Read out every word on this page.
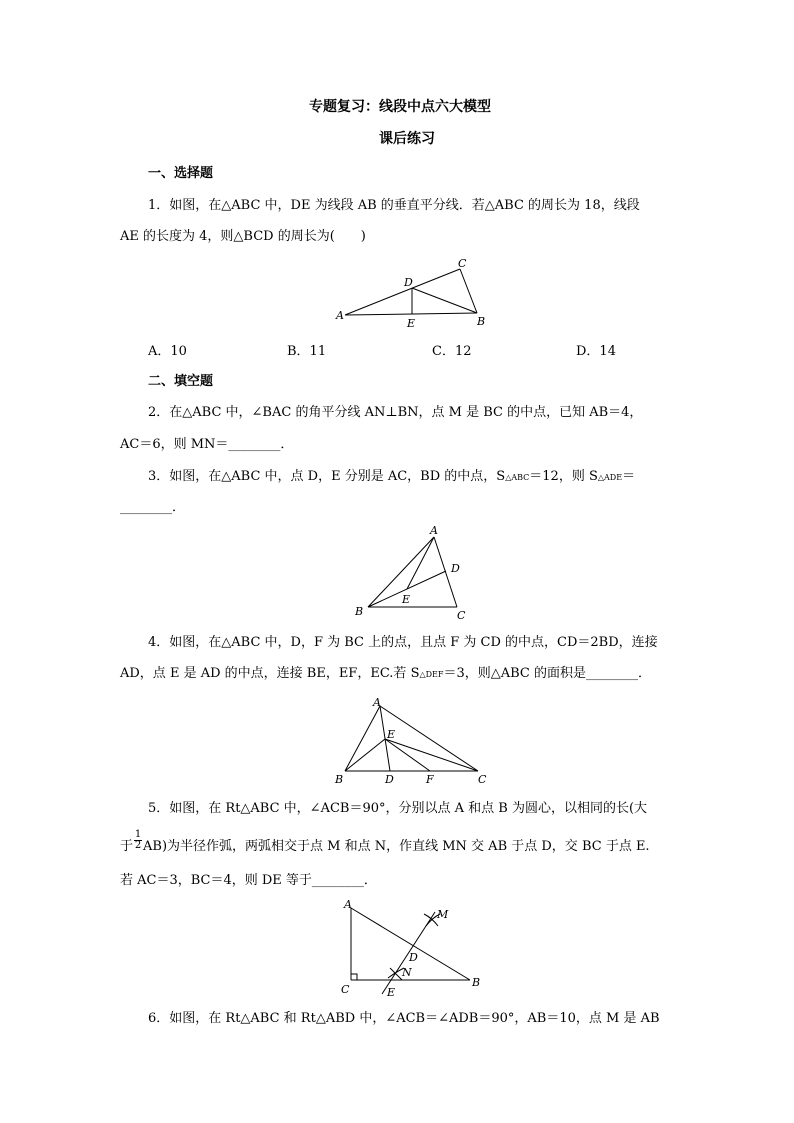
专题复习：线段中点六大模型
课后练习
一、选择题
1．如图，在△ABC 中，DE 为线段 AB 的垂直平分线．若△ABC 的周长为 18，线段
AE 的长度为 4，则△BCD 的周长为(　　)
A	B
C
D
E
A．10	B．11	C．12	D．14
二、填空题
2．在△ABC 中，∠BAC 的角平分线 AN⊥BN，点 M 是 BC 的中点，已知 AB＝4，
AC＝6，则 MN＝________．
3．如图，在△ABC 中，点 D，E 分别是 AC，BD 的中点，S△ABC＝12，则 S△ADE＝
________．
A
B	C
D
E
4．如图，在△ABC 中，D，F 为 BC 上的点，且点 F 为 CD 的中点，CD＝2BD，连接
AD，点 E 是 AD 的中点，连接 BE，EF，EC.若 S△DEF＝3，则△ABC 的面积是________．
A
B	C
D
E
F
5．如图，在 Rt△ABC 中，∠ACB＝90°，分别以点 A 和点 B 为圆心，以相同的长(大
于 $\frac{1}{2} AB$)为半径作弧，两弧相交于点 M 和点 N，作直线 MN 交 AB 于点 D，交 BC 于点 E.
若 AC＝3，BC＝4，则 DE 等于________．
A
B
C
D
E
M
N
6．如图，在 Rt△ABC 和 Rt△ABD 中，∠ACB＝∠ADB＝90°，AB＝10，点 M 是 AB
